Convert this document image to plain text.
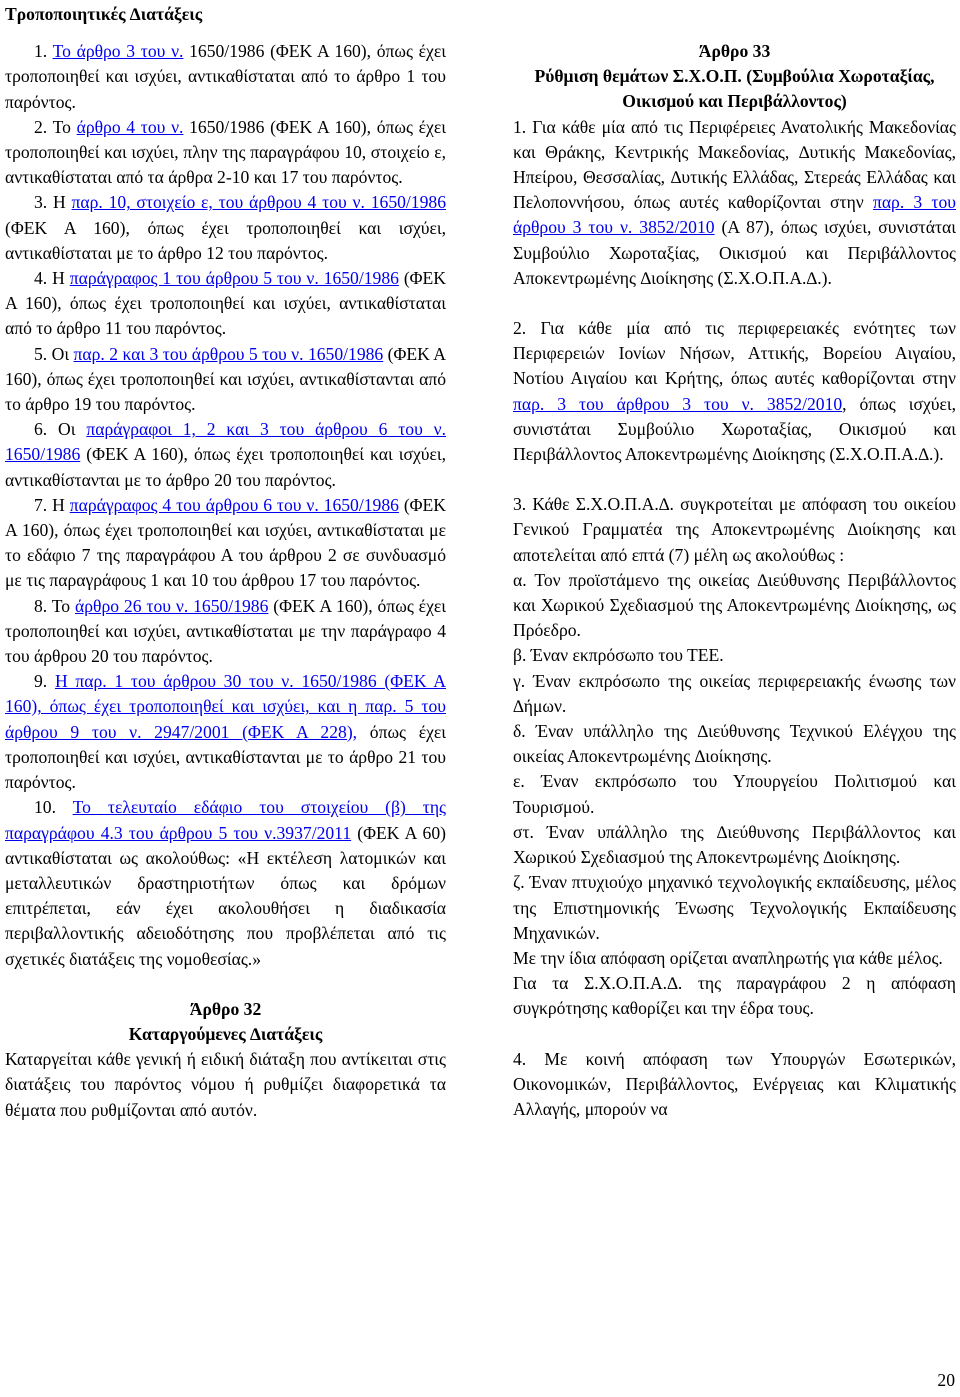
Τροποποιητικές ∆ιατάξεις

1. Το άρθρο 3 του ν. 1650/1986 (ΦΕΚ Α 160), όπως έχει τροποποιηθεί και ισχύει, αντικαθίσταται από το άρθρο 1 του παρόντος.

2. Το άρθρο 4 του ν. 1650/1986 (ΦΕΚ Α 160), όπως έχει τροποποιηθεί και ισχύει, πλην της παραγράφου 10, στοιχείο ε, αντικαθίσταται από τα άρθρα 2-10 και 17 του παρόντος.

3. Η παρ. 10, στοιχείο ε, του άρθρου 4 του ν. 1650/1986 (ΦΕΚ Α 160), όπως έχει τροποποιηθεί και ισχύει, αντικαθίσταται με το άρθρο 12 του παρόντος.

4. Η παράγραφος 1 του άρθρου 5 του ν. 1650/1986 (ΦΕΚ Α 160), όπως έχει τροποποιηθεί και ισχύει, αντικαθίσταται από το άρθρο 11 του παρόντος.

5. Οι παρ. 2 και 3 του άρθρου 5 του ν. 1650/1986 (ΦΕΚ Α 160), όπως έχει τροποποιηθεί και ισχύει, αντικαθίστανται από το άρθρο 19 του παρόντος.

6. Οι παράγραφοι 1, 2 και 3 του άρθρου 6 του ν. 1650/1986 (ΦΕΚ Α 160), όπως έχει τροποποιηθεί και ισχύει, αντικαθίστανται με το άρθρο 20 του παρόντος.

7. Η παράγραφος 4 του άρθρου 6 του ν. 1650/1986 (ΦΕΚ Α 160), όπως έχει τροποποιηθεί και ισχύει, αντικαθίσταται με το εδάφιο 7 της παραγράφου Α του άρθρου 2 σε συνδυασμό με τις παραγράφους 1 και 10 του άρθρου 17 του παρόντος.

8. Το άρθρο 26 του ν. 1650/1986 (ΦΕΚ Α 160), όπως έχει τροποποιηθεί και ισχύει, αντικαθίσταται με την παράγραφο 4 του άρθρου 20 του παρόντος.

9. Η παρ. 1 του άρθρου 30 του ν. 1650/1986 (ΦΕΚ Α 160), όπως έχει τροποποιηθεί και ισχύει, και η παρ. 5 του άρθρου 9 του ν. 2947/2001 (ΦΕΚ Α 228), όπως έχει τροποποιηθεί και ισχύει, αντικαθίστανται με το άρθρο 21 του παρόντος.

10. Το τελευταίο εδάφιο του στοιχείου (β) της παραγράφου 4.3 του άρθρου 5 του ν.3937/2011 (ΦΕΚ Α 60) αντικαθίσταται ως ακολούθως: «Η εκτέλεση λατομικών και μεταλλευτικών δραστηριοτήτων όπως και δρόμων επιτρέπεται, εάν έχει ακολουθήσει η διαδικασία περιβαλλοντικής αδειοδότησης που προβλέπεται από τις σχετικές διατάξεις της νομοθεσίας.»

Άρθρο 32

Καταργούμενες ∆ιατάξεις

Καταργείται κάθε γενική ή ειδική διάταξη που αντίκειται στις διατάξεις του παρόντος νόμου ή ρυθμίζει διαφορετικά τα θέματα που ρυθμίζονται από αυτόν.

Άρθρο 33

Ρύθμιση θεμάτων Σ.Χ.Ο.Π. (Συμβούλια Χωροταξίας, Οικισμού και Περιβάλλοντος)

1. Για κάθε μία από τις Περιφέρειες Ανατολικής Μακεδονίας και Θράκης, Κεντρικής Μακεδονίας, ∆υτικής Μακεδονίας, Ηπείρου, Θεσσαλίας, ∆υτικής Ελλάδας, Στερεάς Ελλάδας και Πελοποννήσου, όπως αυτές καθορίζονται στην παρ. 3 του άρθρου 3 του ν. 3852/2010 (Α 87), όπως ισχύει, συνιστάται Συμβούλιο Χωροταξίας, Οικισμού και Περιβάλλοντος Αποκεντρωμένης ∆ιοίκησης (Σ.Χ.Ο.Π.Α.∆.).

2. Για κάθε μία από τις περιφερειακές ενότητες των Περιφερειών Ιονίων Νήσων, Αττικής, Βορείου Αιγαίου, Νοτίου Αιγαίου και Κρήτης, όπως αυτές καθορίζονται στην παρ. 3 του άρθρου 3 του ν. 3852/2010, όπως ισχύει, συνιστάται Συμβούλιο Χωροταξίας, Οικισμού και Περιβάλλοντος Αποκεντρωμένης ∆ιοίκησης (Σ.Χ.Ο.Π.Α.∆.).

3. Κάθε Σ.Χ.Ο.Π.Α.∆. συγκροτείται με απόφαση του οικείου Γενικού Γραμματέα της Αποκεντρωμένης ∆ιοίκησης και αποτελείται από επτά (7) μέλη ως ακολούθως :

α. Τον προϊστάμενο της οικείας ∆ιεύθυνσης Περιβάλλοντος και Χωρικού Σχεδιασμού της Αποκεντρωμένης ∆ιοίκησης, ως Πρόεδρο.

β. Έναν εκπρόσωπο του ΤΕΕ.

γ. Έναν εκπρόσωπο της οικείας περιφερειακής ένωσης των ∆ήμων.

δ. Έναν υπάλληλο της ∆ιεύθυνσης Τεχνικού Ελέγχου της οικείας Αποκεντρωμένης ∆ιοίκησης.

ε. Έναν εκπρόσωπο του Υπουργείου Πολιτισμού και Τουρισμού.

στ. Έναν υπάλληλο της ∆ιεύθυνσης Περιβάλλοντος και Χωρικού Σχεδιασμού της Αποκεντρωμένης ∆ιοίκησης.

ζ. Έναν πτυχιούχο μηχανικό τεχνολογικής εκπαίδευσης, μέλος της Επιστημονικής Ένωσης Τεχνολογικής Εκπαίδευσης Μηχανικών.

Με την ίδια απόφαση ορίζεται αναπληρωτής για κάθε μέλος.

Για τα Σ.Χ.Ο.Π.Α.∆. της παραγράφου 2 η απόφαση συγκρότησης καθορίζει και την έδρα τους.

4. Με κοινή απόφαση των Υπουργών Εσωτερικών, Οικονομικών, Περιβάλλοντος, Ενέργειας και Κλιματικής Αλλαγής, μπορούν να

20
